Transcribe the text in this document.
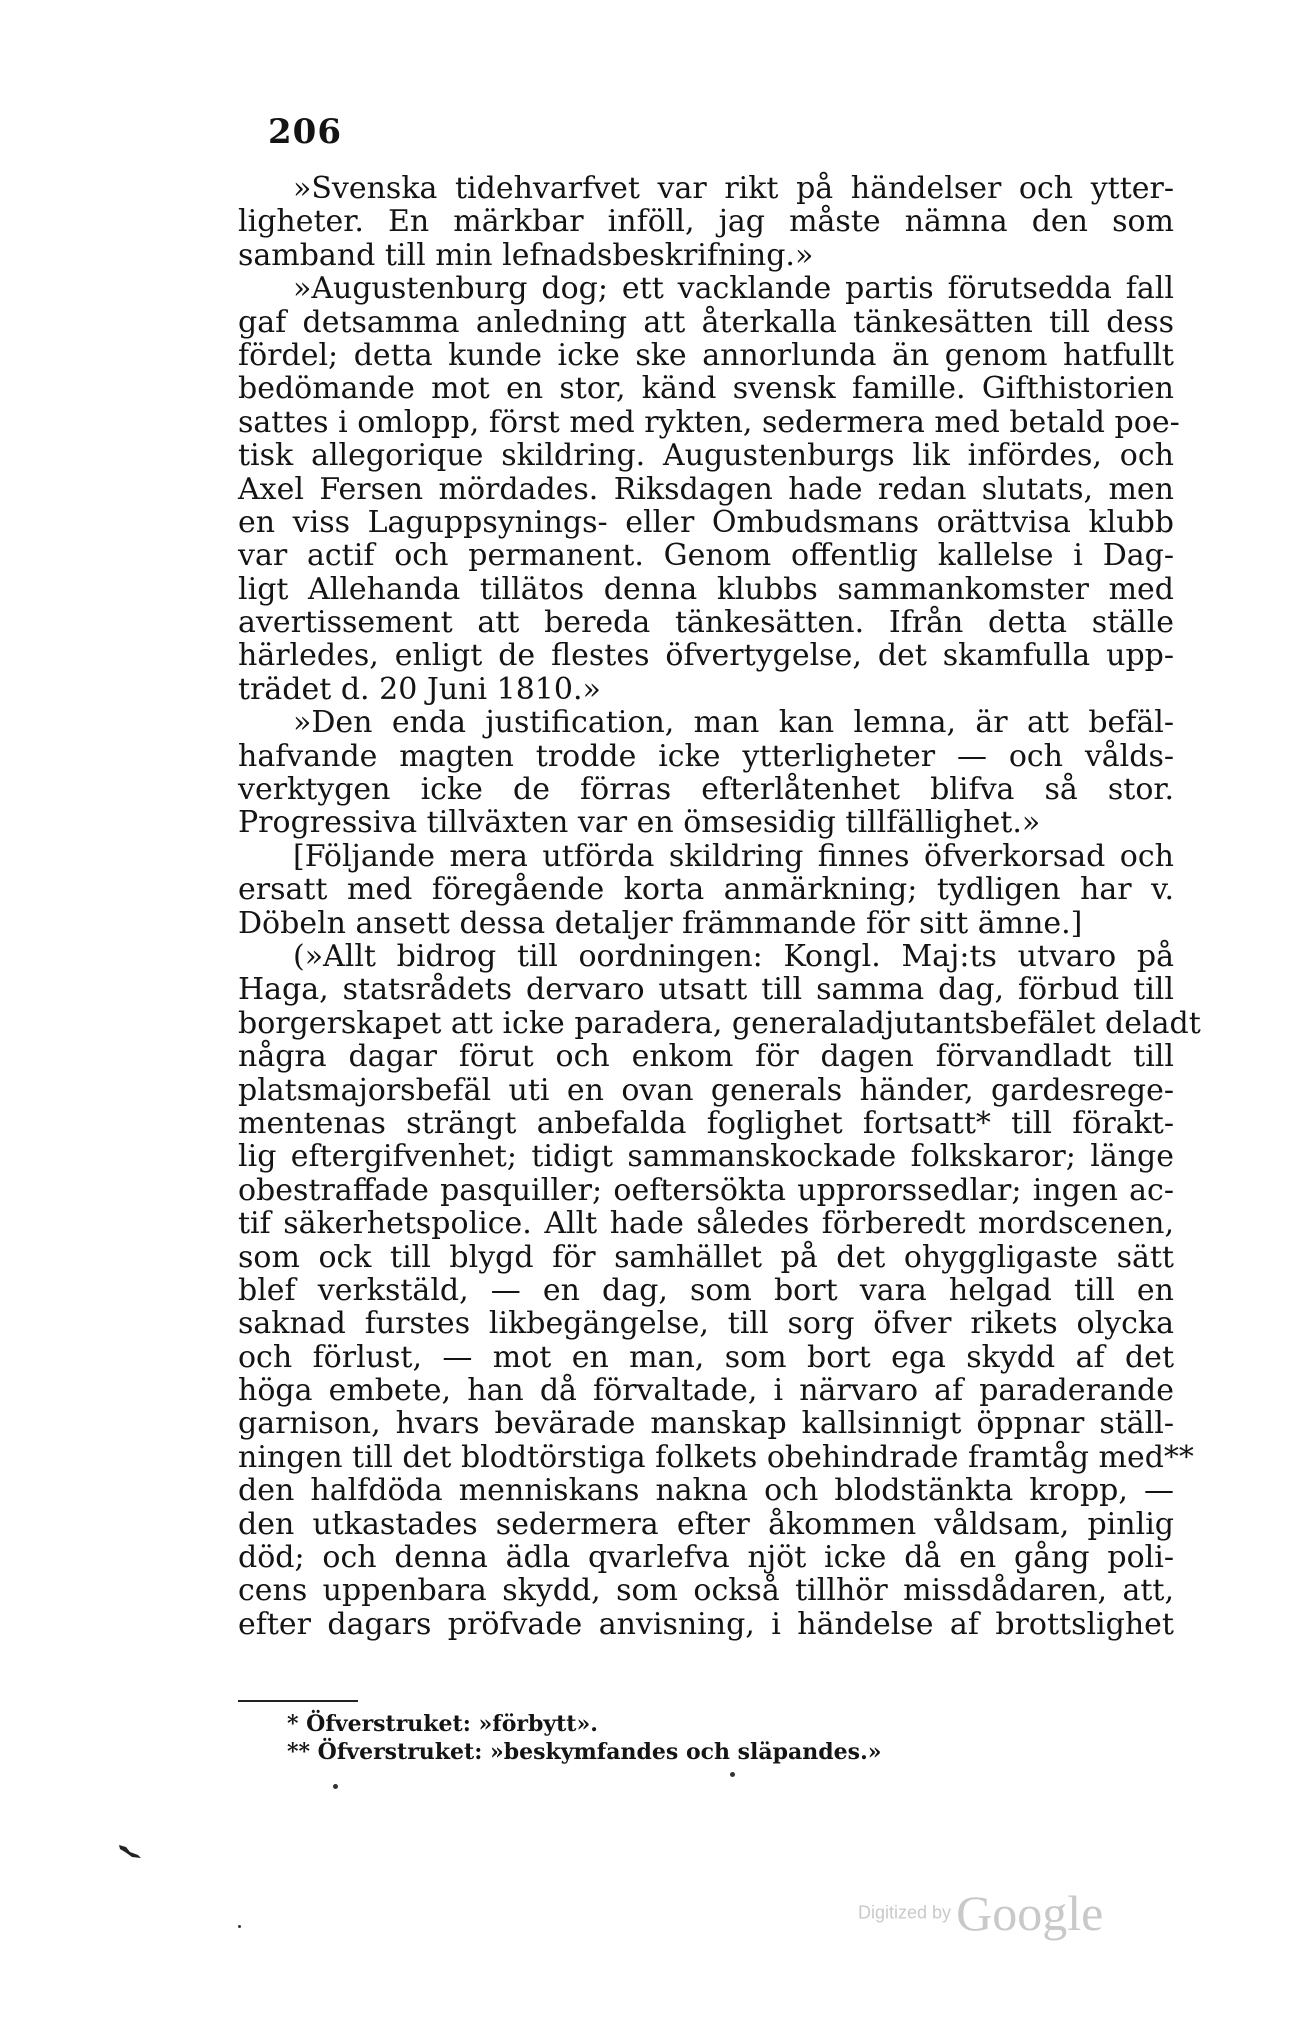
206
»Svenska tidehvarfvet var rikt på händelser och ytter-
ligheter. En märkbar inföll, jag måste nämna den som
samband till min lefnadsbeskrifning.»
»Augustenburg dog; ett vacklande partis förutsedda fall
gaf detsamma anledning att återkalla tänkesätten till dess
fördel; detta kunde icke ske annorlunda än genom hatfullt
bedömande mot en stor, känd svensk famille. Gifthistorien
sattes i omlopp, först med rykten, sedermera med betald poe-
tisk allegorique skildring. Augustenburgs lik infördes, och
Axel Fersen mördades. Riksdagen hade redan slutats, men
en viss Laguppsynings- eller Ombudsmans orättvisa klubb
var actif och permanent. Genom offentlig kallelse i Dag-
ligt Allehanda tillätos denna klubbs sammankomster med
avertissement att bereda tänkesätten. Ifrån detta ställe
härledes, enligt de flestes öfvertygelse, det skamfulla upp-
trädet d. 20 Juni 1810.»
»Den enda justification, man kan lemna, är att befäl-
hafvande magten trodde icke ytterligheter — och vålds-
verktygen icke de förras efterlåtenhet blifva så stor.
Progressiva tillväxten var en ömsesidig tillfällighet.»
[Följande mera utförda skildring finnes öfverkorsad och
ersatt med föregående korta anmärkning; tydligen har v.
Döbeln ansett dessa detaljer främmande för sitt ämne.]
(»Allt bidrog till oordningen: Kongl. Maj:ts utvaro på
Haga, statsrådets dervaro utsatt till samma dag, förbud till
borgerskapet att icke paradera, generaladjutantsbefälet deladt
några dagar förut och enkom för dagen förvandladt till
platsmajorsbefäl uti en ovan generals händer, gardesrege-
mentenas strängt anbefalda foglighet fortsatt* till förakt-
lig eftergifvenhet; tidigt sammanskockade folkskaror; länge
obestraffade pasquiller; oeftersökta upprorssedlar; ingen ac-
tif säkerhetspolice. Allt hade således förberedt mordscenen,
som ock till blygd för samhället på det ohyggligaste sätt
blef verkstäld, — en dag, som bort vara helgad till en
saknad furstes likbegängelse, till sorg öfver rikets olycka
och förlust, — mot en man, som bort ega skydd af det
höga embete, han då förvaltade, i närvaro af paraderande
garnison, hvars bevärade manskap kallsinnigt öppnar ställ-
ningen till det blodtörstiga folkets obehindrade framtåg med**
den halfdöda menniskans nakna och blodstänkta kropp, —
den utkastades sedermera efter åkommen våldsam, pinlig
död; och denna ädla qvarlefva njöt icke då en gång poli-
cens uppenbara skydd, som också tillhör missdådaren, att,
efter dagars pröfvade anvisning, i händelse af brottslighet
* Öfverstruket: »förbytt».
** Öfverstruket: »beskymfandes och släpandes.»
Digitized by Google
